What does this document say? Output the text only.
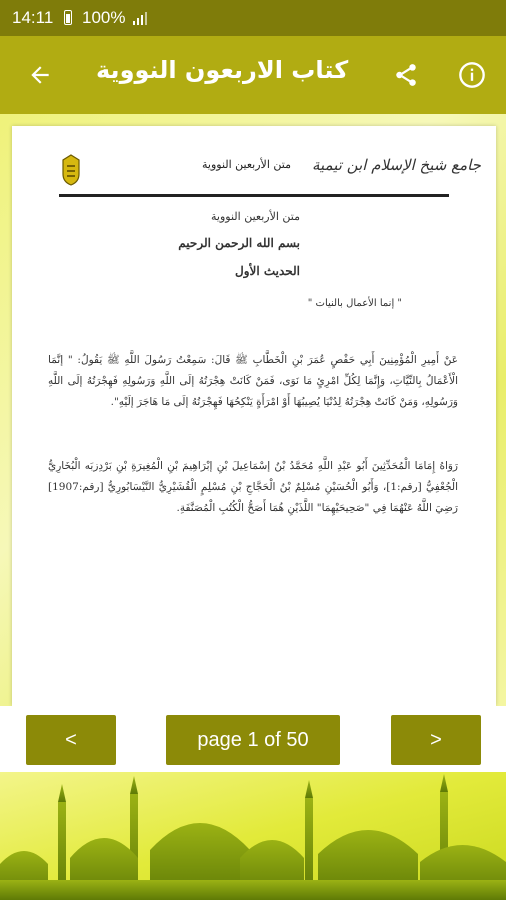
14:11 100%
كتاب الاربعون النووية
متن الأربعين النووية جامع شيخ الإسلام ابن تيمية
متن الأربعين النووية
بسم الله الرحمن الرحيم
الحديث الأول
" إنما الأعمال بالنيات "
عَنْ أَمِيرِ الْمُؤْمِنِينَ أَبِي حَفْصٍ عُمَرَ بْنِ الْخَطَّابِ ﷺ قَالَ: سَمِعْتُ رَسُولَ اللَّهِ ﷺ يَقُولُ: " إنَّمَا الْأَعْمَالُ بِالنِّيَّاتِ، وَإِنَّمَا لِكُلِّ امْرِئٍ مَا نَوَى، فَمَنْ كَانَتْ هِجْرَتُهُ إلَى اللَّهِ وَرَسُولِهِ فَهِجْرَتُهُ إلَى اللَّهِ وَرَسُولِهِ، وَمَنْ كَانَتْ هِجْرَتُهُ لِدُنْيَا يُصِيبُهَا أَوْ امْرَأَةٍ يَنْكِحُهَا فَهِجْرَتُهُ إلَى مَا هَاجَرَ إلَيْهِ".
رَوَاهُ إِمَامَا الْمُحَدِّثِينَ أَبُو عَبْدِ اللَّهِ مُحَمَّدُ بْنُ إسْمَاعِيلَ بْنِ إبْرَاهِيمَ بْنِ الْمُغِيرَةِ بْنِ بَرْدِزبَه الْبُخَارِيُّ الْجُعْفِيُّ [رقم:1]، وَأَبُو الْحُسَيْنِ مُسْلِمٌ بْنُ الْحَجَّاجِ بْنِ مُسْلِمٍ الْقُشَيْرِيُّ النَّيْسَابُورِيُّ [رقم:1907] رَضِيَ اللَّهُ عَنْهُمَا فِي "صَحِيحَيْهِمَا" اللَّذَيْنِ هُمَا أَصَحُّ الْكُتُبِ الْمُصَنَّفَةِ.
<	page 1 of 50	>
